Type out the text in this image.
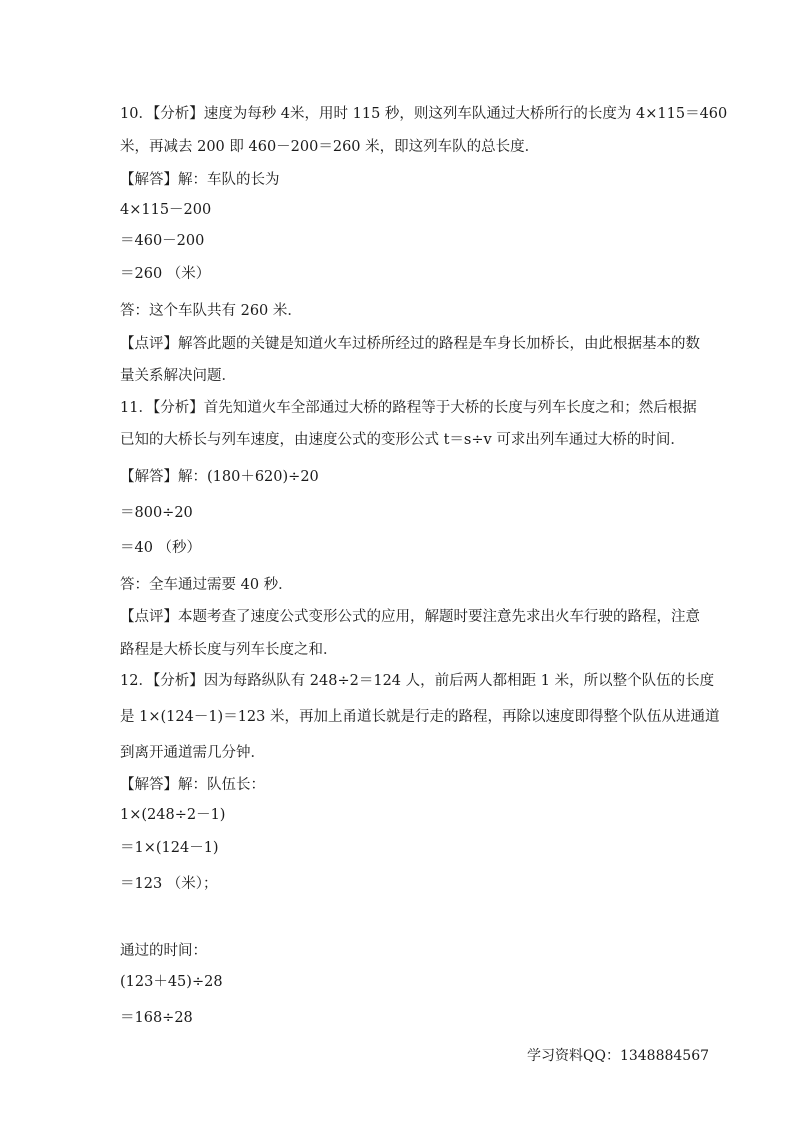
10．【分析】速度为每秒 4米，用时 115 秒，则这列车队通过大桥所行的长度为 4×115＝460
米，再减去 200 即 460－200＝260 米，即这列车队的总长度．
【解答】解：车队的长为
4×115－200
＝460－200
＝260 （米）
答：这个车队共有 260 米．
【点评】解答此题的关键是知道火车过桥所经过的路程是车身长加桥长，由此根据基本的数
量关系解决问题．
11．【分析】首先知道火车全部通过大桥的路程等于大桥的长度与列车长度之和；然后根据
已知的大桥长与列车速度，由速度公式的变形公式 t＝s÷v 可求出列车通过大桥的时间．
【解答】解：(180＋620)÷20
＝800÷20
＝40 （秒）
答：全车通过需要 40 秒．
【点评】本题考查了速度公式变形公式的应用，解题时要注意先求出火车行驶的路程，注意
路程是大桥长度与列车长度之和．
12．【分析】因为每路纵队有 248÷2＝124 人，前后两人都相距 1 米，所以整个队伍的长度
是 1×(124－1)＝123 米，再加上甬道长就是行走的路程，再除以速度即得整个队伍从进通道
到离开通道需几分钟．
【解答】解：队伍长：
1×(248÷2－1)
＝1×(124－1)
＝123 （米）；
通过的时间：
(123＋45)÷28
＝168÷28
学习资料QQ：1348884567
